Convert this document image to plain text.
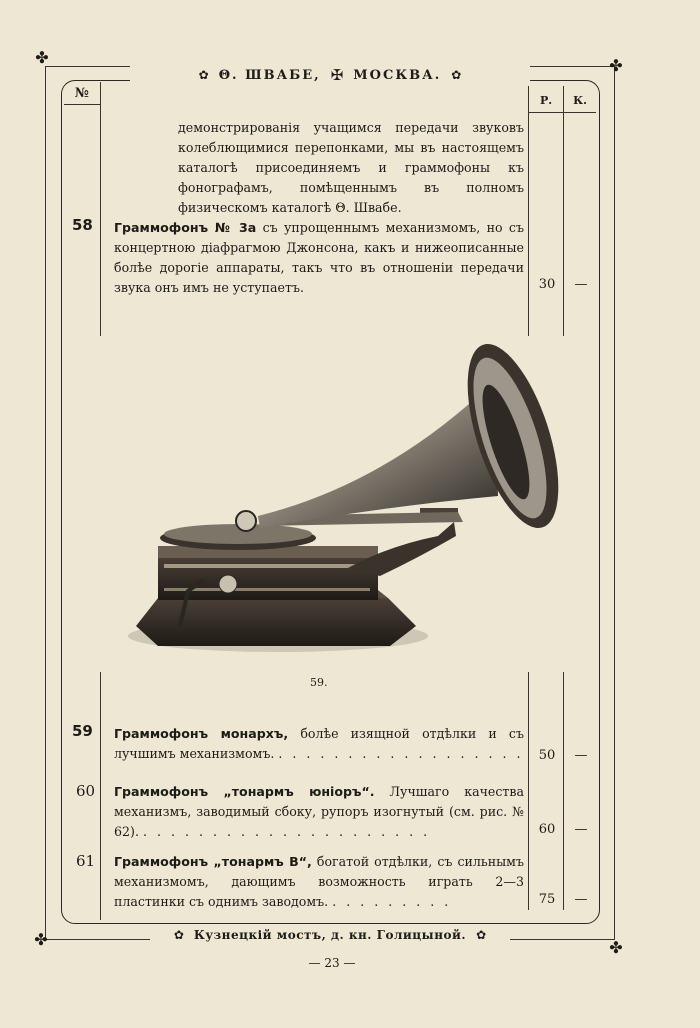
✤	✤
✤	✤
✿ Θ. ШВАБЕ, ✠ МОСКВА. ✿
№	Р.	К.
демонстрированія учащимся передачи звуковъ колеблющимися перепонками, мы въ настоящемъ каталогѣ присоединяемъ и граммофоны къ фонографамъ, помѣщеннымъ въ полномъ физическомъ каталогѣ Θ. Швабе.
58 Граммофонъ № 3а съ упрощеннымъ механизмомъ, но съ концертною діафрагмою Джонсона, какъ и нижеописанные болѣе дорогіе аппараты, такъ что въ отношеніи передачи звука онъ имъ не уступаетъ.	30	—
59.
59 Граммофонъ монархъ, болѣе изящной отдѣлки и съ лучшимъ механизмомъ. . . . . . . . . . . . . . . . . . .	50	—
60 Граммофонъ „тонармъ юніоръ“. Лучшаго качества механизмъ, заводимый сбоку, рупоръ изогнутый (см. рис. № 62). . . . . . . . . . . . . . . . . . . . . .	60	—
61 Граммофонъ „тонармъ В“, богатой отдѣлки, съ сильнымъ механизмомъ, дающимъ возможность играть 2—3 пластинки съ однимъ заводомъ. . . . . . . . . .	75	—
✿ Кузнецкій мостъ, д. кн. Голицыной. ✿
— 23 —
